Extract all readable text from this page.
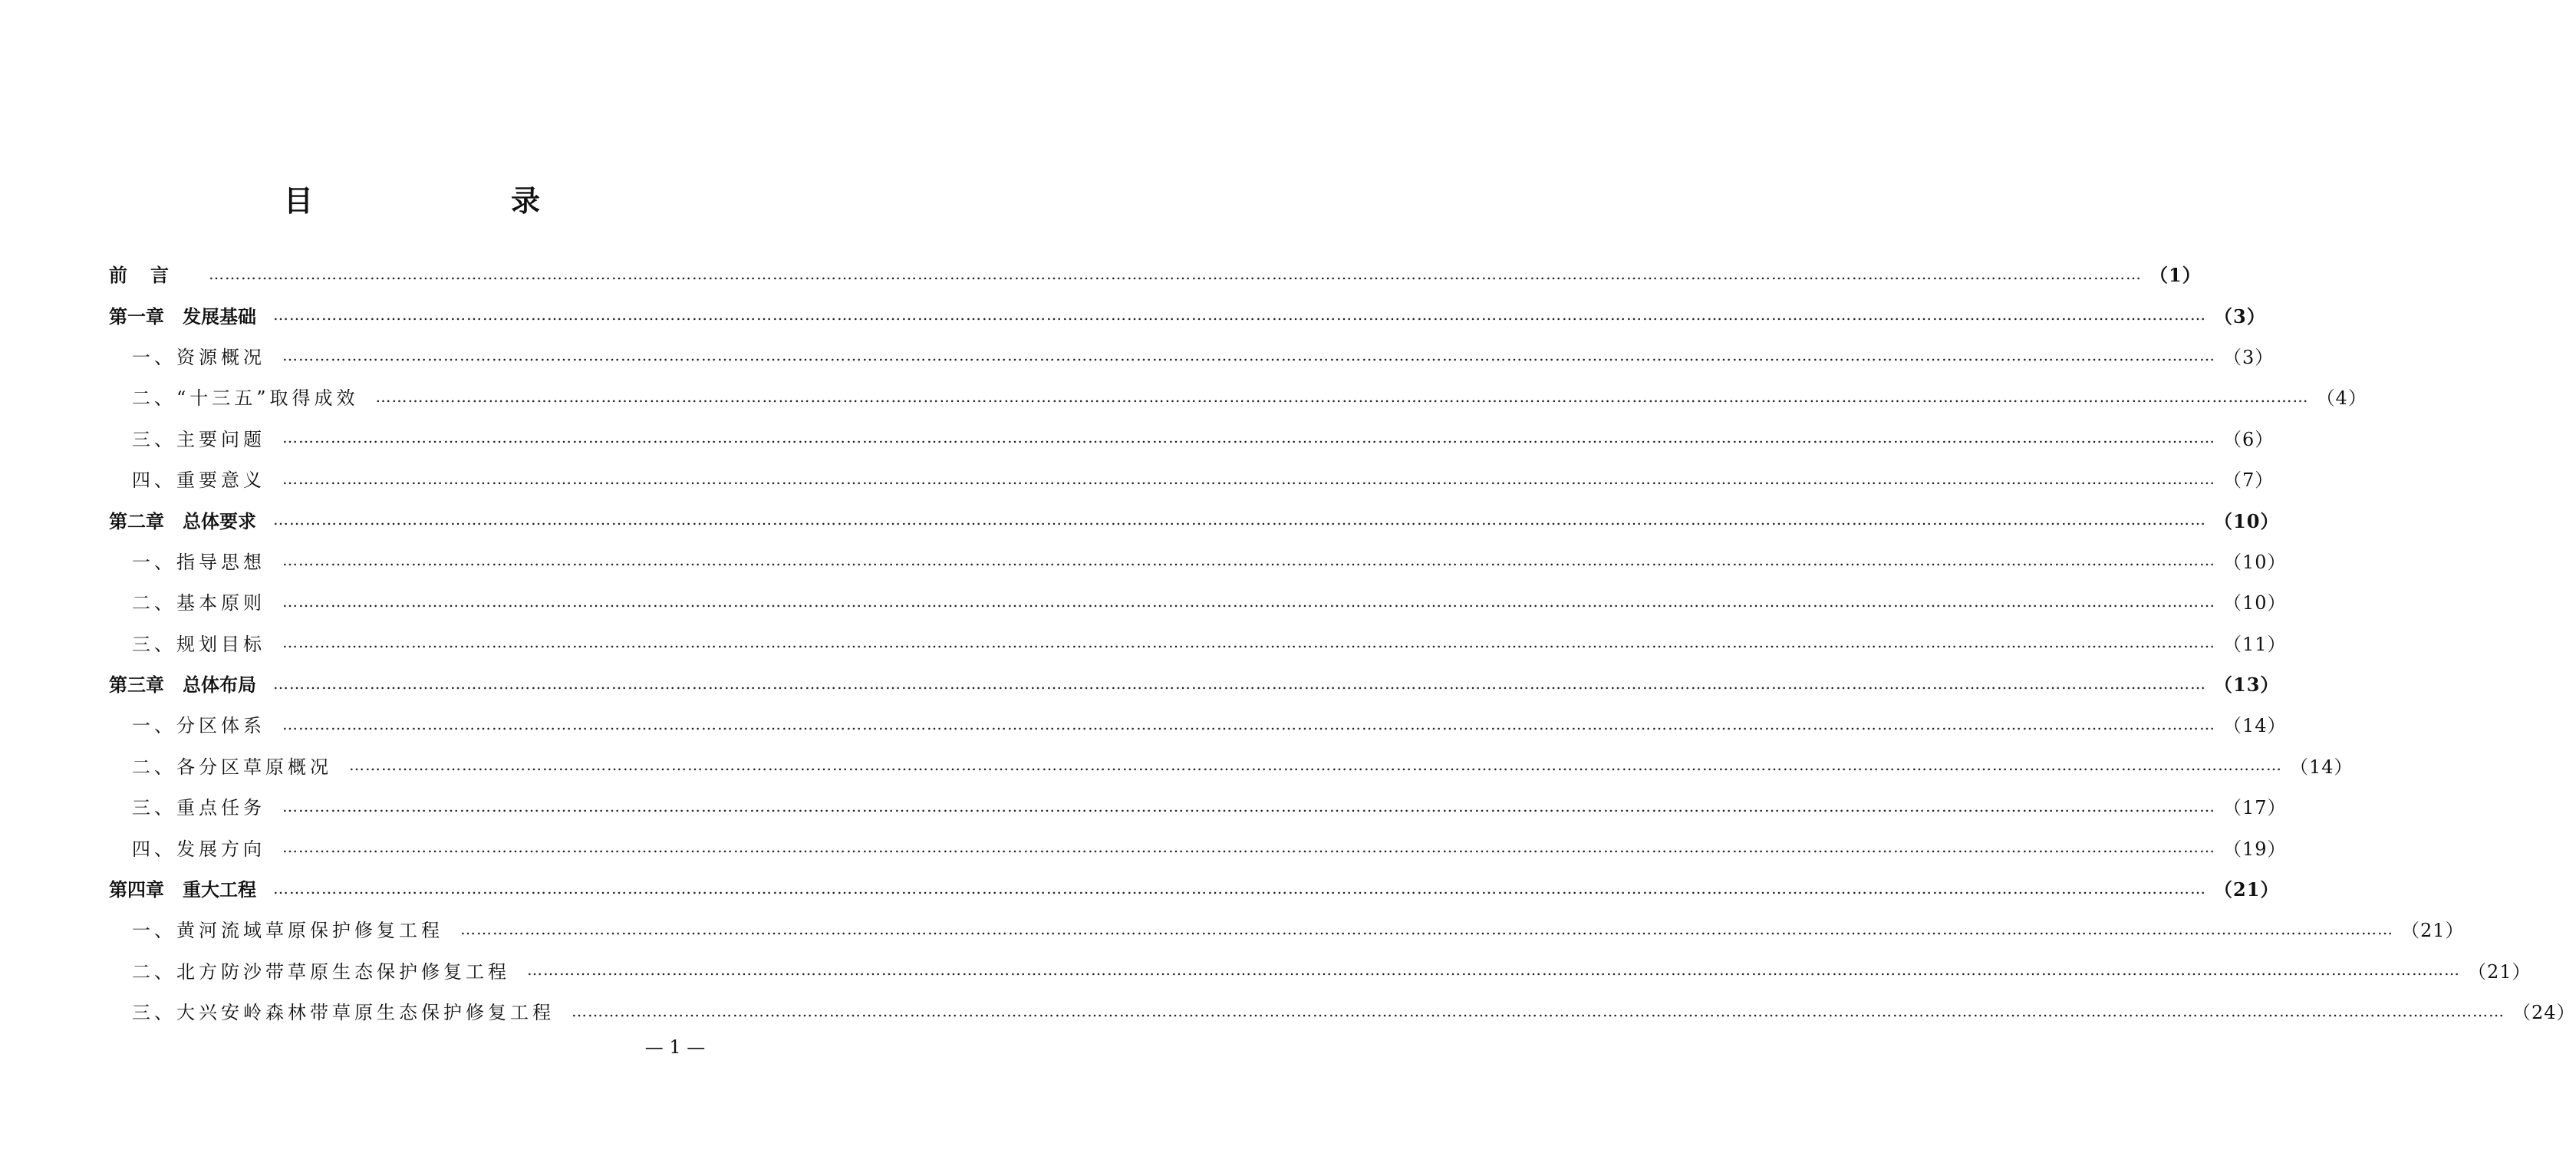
目　录
前言 ……………………………………………………………………………………………………………………………………………………………………………………………………………………………………………………………………………………………………………………………… （1）
第一章　发展基础 ……………………………………………………………………………………………………………………………………………………………………………………………………………………………………………………………………………………………………………………………… （3）
一、资源概况 ……………………………………………………………………………………………………………………………………………………………………………………………………………………………………………………………………………………………………………………………… （3）
二、“十三五”取得成效 ……………………………………………………………………………………………………………………………………………………………………………………………………………………………………………………………………………………………………………………………… （4）
三、主要问题 ……………………………………………………………………………………………………………………………………………………………………………………………………………………………………………………………………………………………………………………………… （6）
四、重要意义 ……………………………………………………………………………………………………………………………………………………………………………………………………………………………………………………………………………………………………………………………… （7）
第二章　总体要求 ……………………………………………………………………………………………………………………………………………………………………………………………………………………………………………………………………………………………………………………………… （10）
一、指导思想 ……………………………………………………………………………………………………………………………………………………………………………………………………………………………………………………………………………………………………………………………… （10）
二、基本原则 ……………………………………………………………………………………………………………………………………………………………………………………………………………………………………………………………………………………………………………………………… （10）
三、规划目标 ……………………………………………………………………………………………………………………………………………………………………………………………………………………………………………………………………………………………………………………………… （11）
第三章　总体布局 ……………………………………………………………………………………………………………………………………………………………………………………………………………………………………………………………………………………………………………………………… （13）
一、分区体系 ……………………………………………………………………………………………………………………………………………………………………………………………………………………………………………………………………………………………………………………………… （14）
二、各分区草原概况 ……………………………………………………………………………………………………………………………………………………………………………………………………………………………………………………………………………………………………………………………… （14）
三、重点任务 ……………………………………………………………………………………………………………………………………………………………………………………………………………………………………………………………………………………………………………………………… （17）
四、发展方向 ……………………………………………………………………………………………………………………………………………………………………………………………………………………………………………………………………………………………………………………………… （19）
第四章　重大工程 ……………………………………………………………………………………………………………………………………………………………………………………………………………………………………………………………………………………………………………………………… （21）
一、黄河流域草原保护修复工程 ……………………………………………………………………………………………………………………………………………………………………………………………………………………………………………………………………………………………………………………………… （21）
二、北方防沙带草原生态保护修复工程 ……………………………………………………………………………………………………………………………………………………………………………………………………………………………………………………………………………………………………………………………… （21）
三、大兴安岭森林带草原生态保护修复工程 ……………………………………………………………………………………………………………………………………………………………………………………………………………………………………………………………………………………………………………………………… （24）
— 1 —
